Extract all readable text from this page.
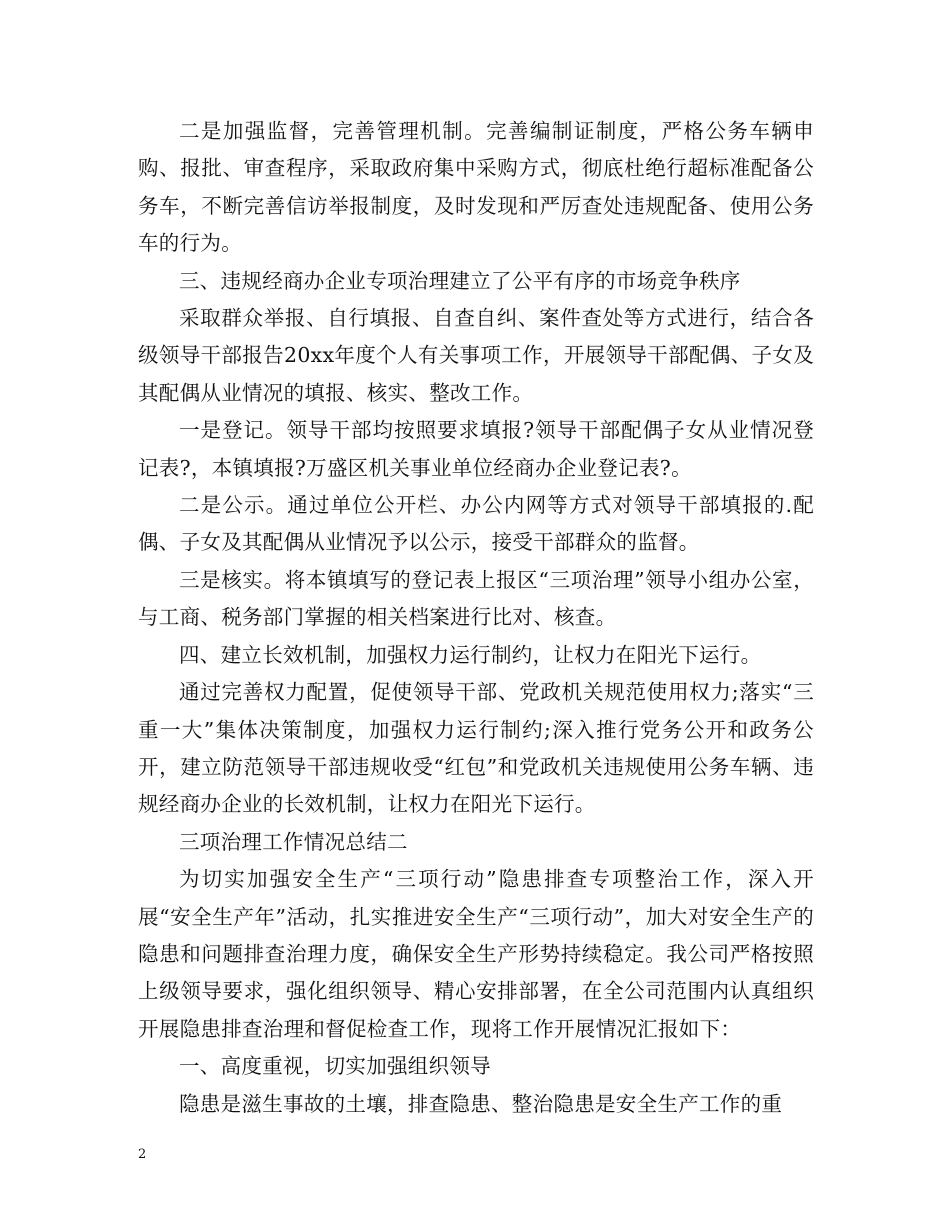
二是加强监督，完善管理机制。完善编制证制度，严格公务车辆申购、报批、审查程序，采取政府集中采购方式，彻底杜绝行超标准配备公务车，不断完善信访举报制度，及时发现和严厉查处违规配备、使用公务车的行为。

三、违规经商办企业专项治理建立了公平有序的市场竞争秩序

采取群众举报、自行填报、自查自纠、案件查处等方式进行，结合各级领导干部报告20xx年度个人有关事项工作，开展领导干部配偶、子女及其配偶从业情况的填报、核实、整改工作。

一是登记。领导干部均按照要求填报?领导干部配偶子女从业情况登记表?，本镇填报?万盛区机关事业单位经商办企业登记表?。

二是公示。通过单位公开栏、办公内网等方式对领导干部填报的.配偶、子女及其配偶从业情况予以公示，接受干部群众的监督。

三是核实。将本镇填写的登记表上报区“三项治理”领导小组办公室，与工商、税务部门掌握的相关档案进行比对、核查。

四、建立长效机制，加强权力运行制约，让权力在阳光下运行。

通过完善权力配置，促使领导干部、党政机关规范使用权力;落实“三重一大”集体决策制度，加强权力运行制约;深入推行党务公开和政务公开，建立防范领导干部违规收受“红包”和党政机关违规使用公务车辆、违规经商办企业的长效机制，让权力在阳光下运行。

三项治理工作情况总结二

为切实加强安全生产“三项行动”隐患排查专项整治工作，深入开展“安全生产年”活动，扎实推进安全生产“三项行动”，加大对安全生产的隐患和问题排查治理力度，确保安全生产形势持续稳定。我公司严格按照上级领导要求，强化组织领导、精心安排部署，在全公司范围内认真组织开展隐患排查治理和督促检查工作，现将工作开展情况汇报如下：

一、高度重视，切实加强组织领导

隐患是滋生事故的土壤，排查隐患、整治隐患是安全生产工作的重

2
